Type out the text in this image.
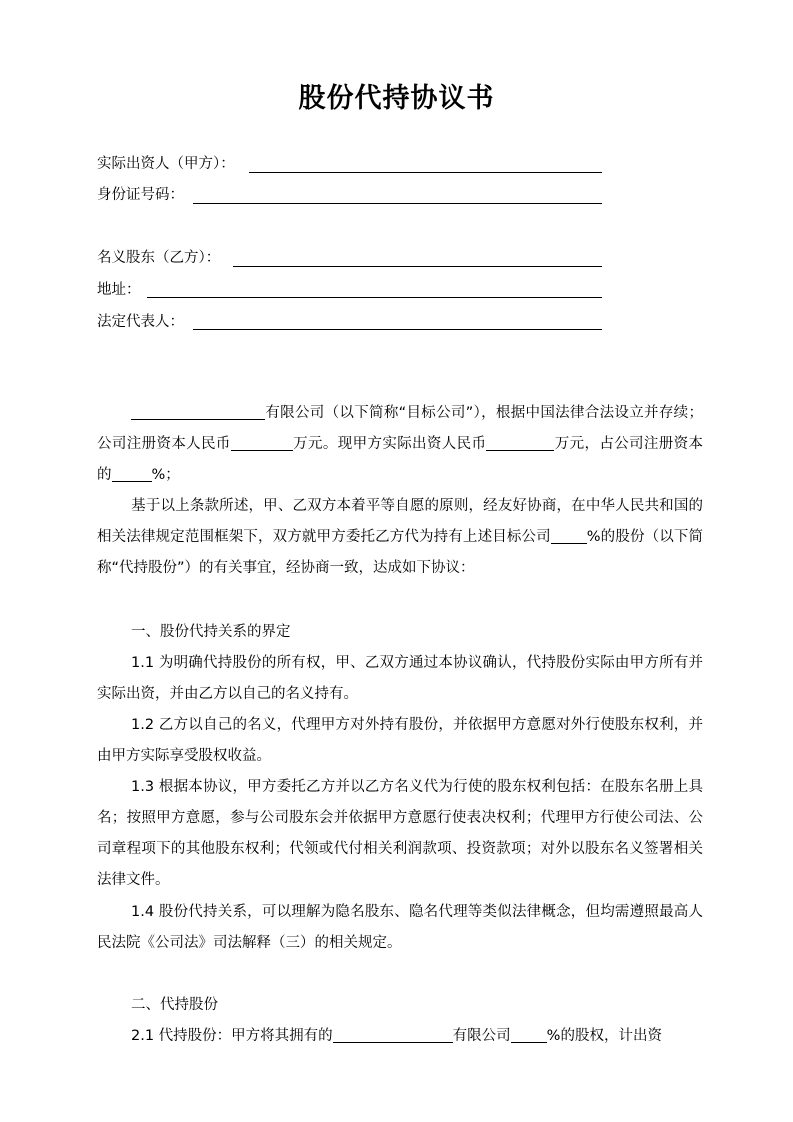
股份代持协议书
实际出资人（甲方）：
身份证号码：
名义股东（乙方）：
地址：
法定代表人：
有限公司（以下简称“目标公司”），根据中国法律合法设立并存续；公司注册资本人民币	万元。现甲方实际出资人民币	万元，占公司注册资本的	%；
基于以上条款所述，甲、乙双方本着平等自愿的原则，经友好协商，在中华人民共和国的相关法律规定范围框架下，双方就甲方委托乙方代为持有上述目标公司 %的股份（以下简称“代持股份”）的有关事宜，经协商一致，达成如下协议：
一、股份代持关系的界定
1.1 为明确代持股份的所有权，甲、乙双方通过本协议确认，代持股份实际由甲方所有并实际出资，并由乙方以自己的名义持有。
1.2 乙方以自己的名义，代理甲方对外持有股份，并依据甲方意愿对外行使股东权利，并由甲方实际享受股权收益。
1.3 根据本协议，甲方委托乙方并以乙方名义代为行使的股东权利包括：在股东名册上具名；按照甲方意愿，参与公司股东会并依据甲方意愿行使表决权利；代理甲方行使公司法、公司章程项下的其他股东权利；代领或代付相关利润款项、投资款项；对外以股东名义签署相关法律文件。
1.4 股份代持关系，可以理解为隐名股东、隐名代理等类似法律概念，但均需遵照最高人民法院《公司法》司法解释（三）的相关规定。
二、代持股份
2.1 代持股份：甲方将其拥有的	有限公司 %的股权，计出资
